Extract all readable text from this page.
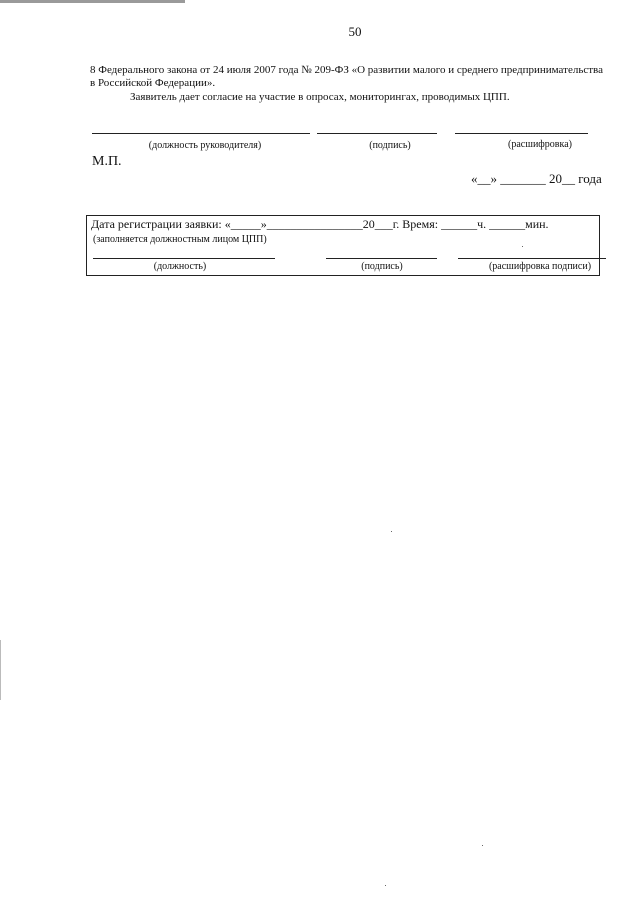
50
8 Федерального закона от 24 июля 2007 года № 209-ФЗ «О развитии малого и среднего предпринимательства
в Российской Федерации».
Заявитель дает согласие на участие в опросах, мониторингах, проводимых ЦПП.
(должность руководителя)	(подпись)	(расшифровка)
М.П.
«__» _______ 20__ года
Дата регистрации заявки: «_____»________________20___г. Время: ______ч. ______мин.
(заполняется должностным лицом ЦПП)
(должность)	(подпись)	(расшифровка подписи)
